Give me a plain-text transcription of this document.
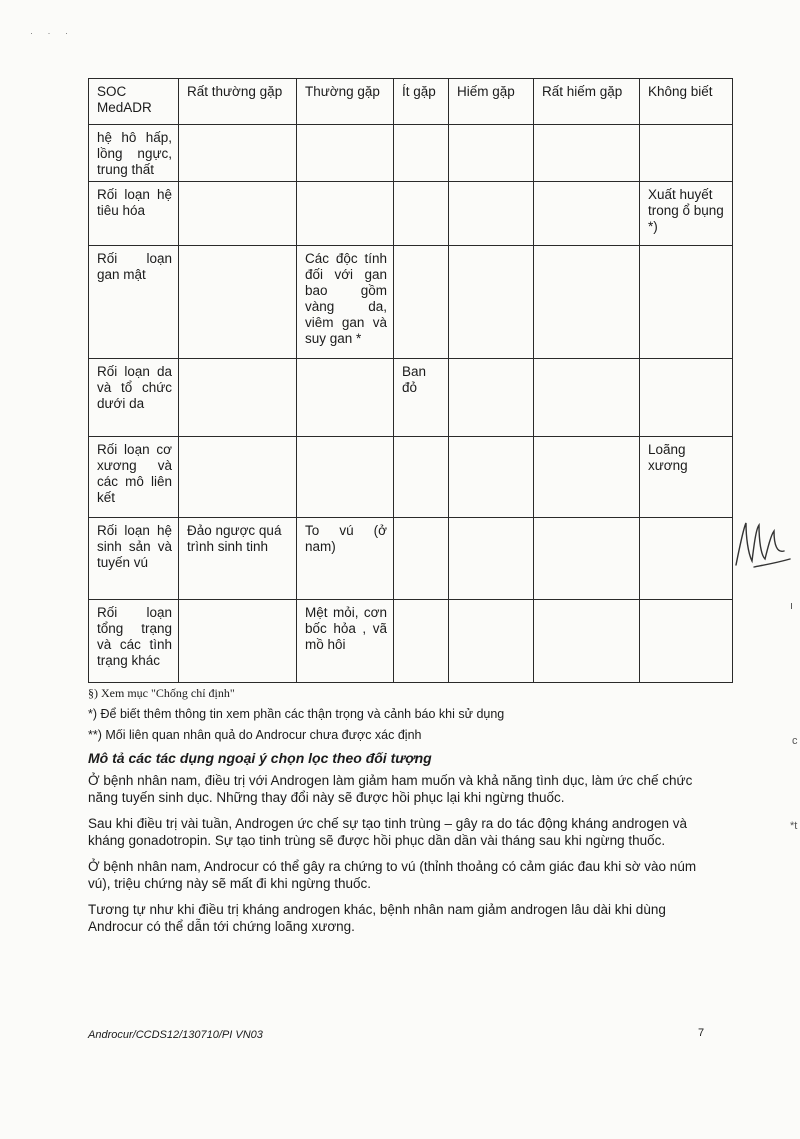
· · ·
SOC MedADR	Rất thường gặp	Thường gặp	Ít gặp	Hiếm gặp	Rất hiếm gặp	Không biết
hệ hô hấp, lồng ngực, trung thất						
Rối loạn hệ tiêu hóa						Xuất huyết trong ổ bụng *)
Rối loạn gan mật		Các độc tính đối với gan bao gồm vàng da, viêm gan và suy gan *				
Rối loạn da và tổ chức dưới da			Ban đỏ			
Rối loạn cơ xương và các mô liên kết						Loãng xương
Rối loạn hệ sinh sản và tuyến vú	Đảo ngược quá trình sinh tinh	To vú (ở nam)				
Rối loạn tổng trạng và các tình trạng khác		Mệt mỏi, cơn bốc hỏa , vã mồ hôi				
§) Xem mục "Chống chỉ định"
*) Để biết thêm thông tin xem phần các thận trọng và cảnh báo khi sử dụng
**) Mối liên quan nhân quả do Androcur chưa được xác định
Mô tả các tác dụng ngoại ý chọn lọc theo đối tượng

Ở bệnh nhân nam, điều trị với Androgen làm giảm ham muốn và khả năng tình dục, làm ức chế chức năng tuyến sinh dục. Những thay đổi này sẽ được hồi phục lại khi ngừng thuốc.

Sau khi điều trị vài tuần, Androgen ức chế sự tạo tinh trùng – gây ra do tác động kháng androgen và kháng gonadotropin. Sự tạo tinh trùng sẽ được hồi phục dần dần vài tháng sau khi ngừng thuốc.

Ở bệnh nhân nam, Androcur có thể gây ra chứng to vú (thỉnh thoảng có cảm giác đau khi sờ vào núm vú), triệu chứng này sẽ mất đi khi ngừng thuốc.

Tương tự như khi điều trị kháng androgen khác, bệnh nhân nam giảm androgen lâu dài khi dùng Androcur có thể dẫn tới chứng loãng xương.

ı
c
*t
Androcur/CCDS12/130710/PI VN03	7
